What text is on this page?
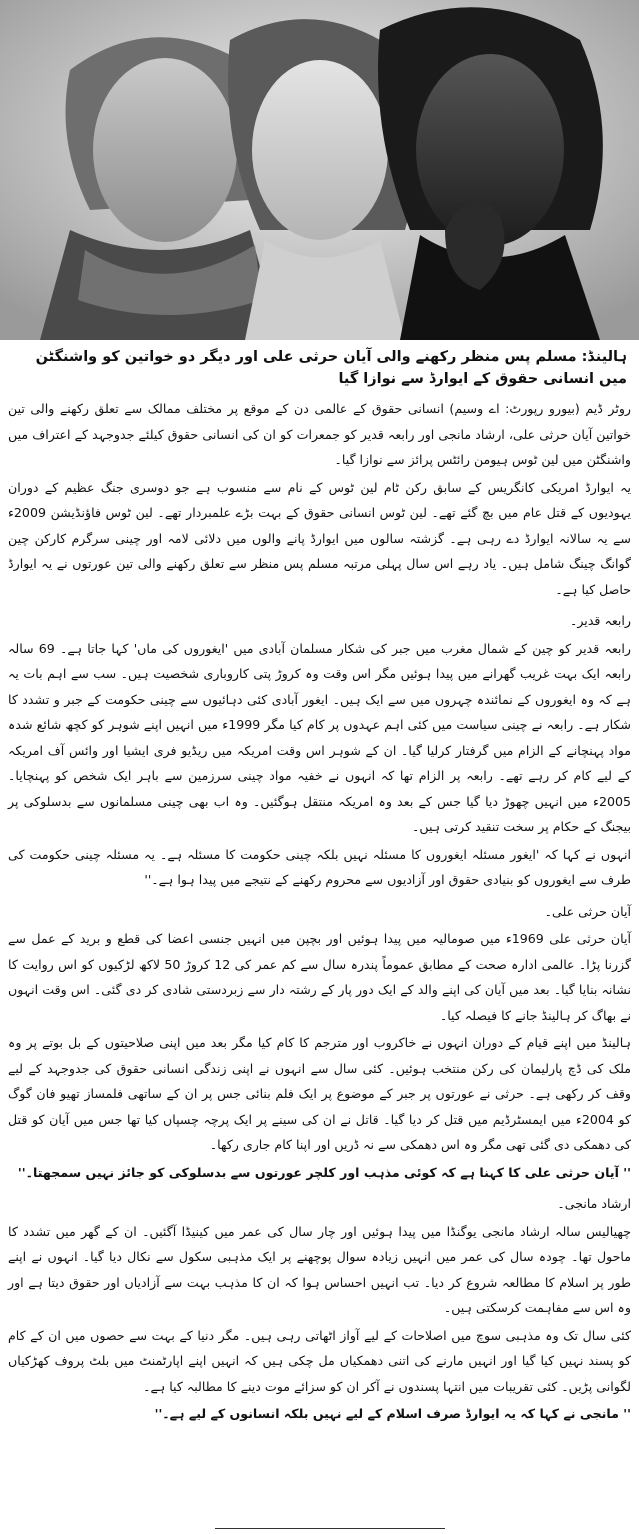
ہالینڈ: مسلم پس منظر رکھنے والی آیان حرثی علی اور دیگر دو خواتین کو واشنگٹن میں انسانی حقوق کے ایوارڈ سے نوازا گیا

روٹر ڈیم (بیورو رپورٹ: اے وسیم) انسانی حقوق کے عالمی دن کے موقع پر مختلف ممالک سے تعلق رکھنے والی تین خواتین آیان حرثی علی، ارشاد مانجی اور رابعہ قدیر کو جمعرات کو ان کی انسانی حقوق کیلئے جدوجہد کے اعتراف میں واشنگٹن میں لین ٹوس ہیومن رائٹس پرائز سے نوازا گیا۔

یہ ایوارڈ امریکی کانگریس کے سابق رکن ٹام لین ٹوس کے نام سے منسوب ہے جو دوسری جنگ عظیم کے دوران یہودیوں کے قتل عام میں بچ گئے تھے۔ لین ٹوس انسانی حقوق کے بہت بڑے علمبردار تھے۔ لین ٹوس فاؤنڈیشن 2009ء سے یہ سالانہ ایوارڈ دے رہی ہے۔ گزشتہ سالوں میں ایوارڈ پانے والوں میں دلائی لامہ اور چینی سرگرم کارکن چین گوانگ چینگ شامل ہیں۔ یاد رہے اس سال پہلی مرتبہ مسلم پس منظر سے تعلق رکھنے والی تین عورتوں نے یہ ایوارڈ حاصل کیا ہے۔

رابعہ قدیر۔

رابعہ قدیر کو چین کے شمال مغرب میں جبر کی شکار مسلمان آبادی میں 'ایغوروں کی ماں' کہا جاتا ہے۔ 69 سالہ رابعہ ایک بہت غریب گھرانے میں پیدا ہوئیں مگر اس وقت وہ کروڑ پتی کاروباری شخصیت ہیں۔ سب سے اہم بات یہ ہے کہ وہ ایغوروں کے نمائندہ چہروں میں سے ایک ہیں۔ ایغور آبادی کئی دہائیوں سے چینی حکومت کے جبر و تشدد کا شکار ہے۔ رابعہ نے چینی سیاست میں کئی اہم عہدوں پر کام کیا مگر 1999ء میں انہیں اپنے شوہر کو کچھ شائع شدہ مواد پہنچانے کے الزام میں گرفتار کرلیا گیا۔ ان کے شوہر اس وقت امریکہ میں ریڈیو فری ایشیا اور وائس آف امریکہ کے لیے کام کر رہے تھے۔ رابعہ پر الزام تھا کہ انہوں نے خفیہ مواد چینی سرزمین سے باہر ایک شخص کو پہنچایا۔ 2005ء میں انہیں چھوڑ دیا گیا جس کے بعد وہ امریکہ منتقل ہوگئیں۔ وہ اب بھی چینی مسلمانوں سے بدسلوکی پر بیجنگ کے حکام پر سخت تنقید کرتی ہیں۔

انہوں نے کہا کہ 'ایغور مسئلہ ایغوروں کا مسئلہ نہیں بلکہ چینی حکومت کا مسئلہ ہے۔ یہ مسئلہ چینی حکومت کی طرف سے ایغوروں کو بنیادی حقوق اور آزادیوں سے محروم رکھنے کے نتیجے میں پیدا ہوا ہے۔''

آیان حرثی علی۔

آیان حرثی علی 1969ء میں صومالیہ میں پیدا ہوئیں اور بچپن میں انہیں جنسی اعضا کی قطع و برید کے عمل سے گزرنا پڑا۔ عالمی ادارہ صحت کے مطابق عموماً پندرہ سال سے کم عمر کی 12 کروڑ 50 لاکھ لڑکیوں کو اس روایت کا نشانہ بنایا گیا۔ بعد میں آیان کی اپنے والد کے ایک دور پار کے رشتہ دار سے زبردستی شادی کر دی گئی۔ اس وقت انہوں نے بھاگ کر ہالینڈ جانے کا فیصلہ کیا۔

ہالینڈ میں اپنے قیام کے دوران انہوں نے خاکروب اور مترجم کا کام کیا مگر بعد میں اپنی صلاحیتوں کے بل بوتے پر وہ ملک کی ڈچ پارلیمان کی رکن منتخب ہوئیں۔ کئی سال سے انہوں نے اپنی زندگی انسانی حقوق کی جدوجہد کے لیے وقف کر رکھی ہے۔ حرثی نے عورتوں پر جبر کے موضوع پر ایک فلم بنائی جس پر ان کے ساتھی فلمساز تھیو فان گوگ کو 2004ء میں ایمسٹرڈیم میں قتل کر دیا گیا۔ قاتل نے ان کی سینے پر ایک پرچہ چسپاں کیا تھا جس میں آیان کو قتل کی دھمکی دی گئی تھی مگر وہ اس دھمکی سے نہ ڈریں اور اپنا کام جاری رکھا۔

'' آیان حرثی علی کا کہنا ہے کہ کوئی مذہب اور کلچر عورتوں سے بدسلوکی کو جائز نہیں سمجھتا۔''

ارشاد مانجی۔

چھیالیس سالہ ارشاد مانجی یوگنڈا میں پیدا ہوئیں اور چار سال کی عمر میں کینیڈا آگئیں۔ ان کے گھر میں تشدد کا ماحول تھا۔ چودہ سال کی عمر میں انہیں زیادہ سوال پوچھنے پر ایک مذہبی سکول سے نکال دیا گیا۔ انہوں نے اپنے طور پر اسلام کا مطالعہ شروع کر دیا۔ تب انہیں احساس ہوا کہ ان کا مذہب بہت سے آزادیاں اور حقوق دیتا ہے اور وہ اس سے مفاہمت کرسکتی ہیں۔

کئی سال تک وہ مذہبی سوچ میں اصلاحات کے لیے آواز اٹھاتی رہی ہیں۔ مگر دنیا کے بہت سے حصوں میں ان کے کام کو پسند نہیں کیا گیا اور انہیں مارنے کی اتنی دھمکیاں مل چکی ہیں کہ انہیں اپنے اپارٹمنٹ میں بلٹ پروف کھڑکیاں لگوانی پڑیں۔ کئی تقریبات میں انتہا پسندوں نے آکر ان کو سزائے موت دینے کا مطالبہ کیا ہے۔

'' مانجی نے کہا کہ یہ ایوارڈ صرف اسلام کے لیے نہیں بلکہ انسانوں کے لیے ہے۔''
